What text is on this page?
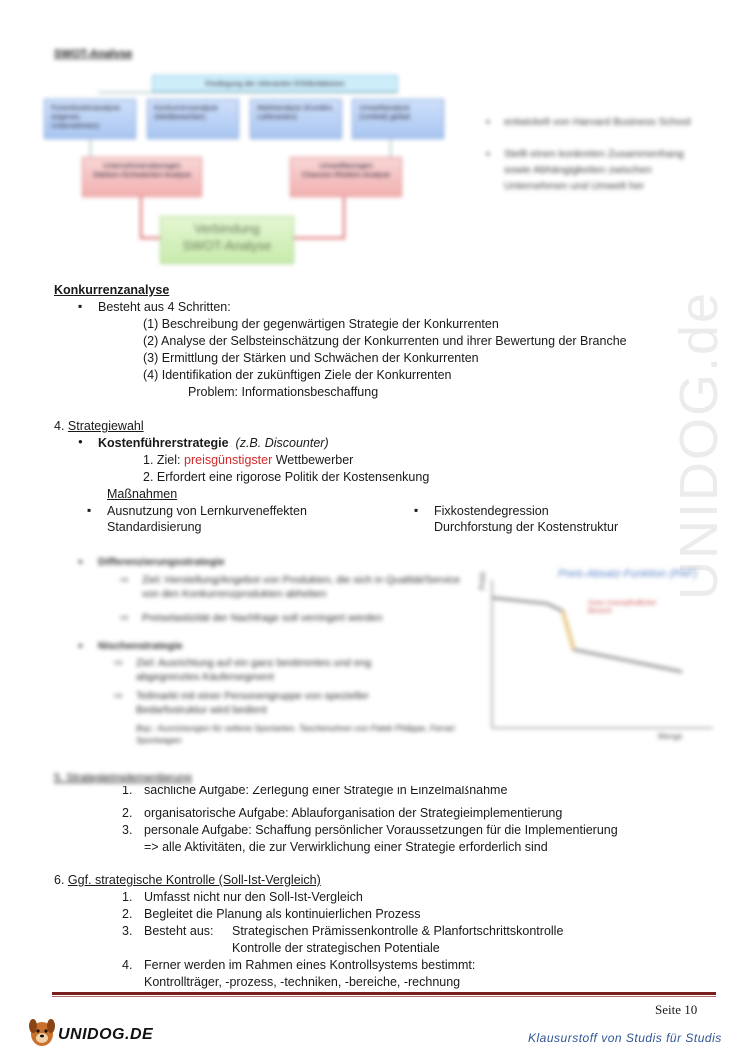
UNIDOG.de
SWOT-Analyse
Festlegung der relevanten Erfolksfaktoren
Fonenkostenanalyse (eigenes Unternehmen)
Konkurrenzanalyse (Wettbewerber)
Marktanalyse (Kunden, Lieferanten)
Umweltanalyse (Umfeld) global
Unternehmensbezogen Stärken-/Schwächen-Analyse
Umweltbezogen Chancen-/Risiken-Analyse
Verbindung
SWOT-Analyse
▪ entwickelt von Harvard Business School
▪ Stellt einen konkreten Zusammenhang sowie Abhängigkeiten zwischen Unternehmen und Umwelt her
Konkurrenzanalyse
Besteht aus 4 Schritten:
(1) Beschreibung der gegenwärtigen Strategie der Konkurrenten
(2) Analyse der Selbsteinschätzung der Konkurrenten und ihrer Bewertung der Branche
(3) Ermittlung der Stärken und Schwächen der Konkurrenten
(4) Identifikation der zukünftigen Ziele der Konkurrenten
Problem: Informationsbeschaffung
4. Strategiewahl
Kostenführerstrategie (z.B. Discounter)
1. Ziel: preisgünstigster Wettbewerber
2. Erfordert eine rigorose Politik der Kostensenkung
Maßnahmen
Ausnutzung von Lernkurveneffekten
Standardisierung
Fixkostendegression
Durchforstung der Kostenstruktur
Differenzierungsstrategie
⇨ Ziel: Herstellung/Angebot von Produkten, die sich in Qualität/Service von den Konkurrenzprodukten abheben
⇨ Preiselastizität der Nachfrage soll verringert werden
Nischenstrategie
⇨ Ziel: Ausrichtung auf ein ganz bestimmtes und eng abgegrenztes Käufersegment
⇨ Teilmarkt mit einer Personengruppe von spezieller Bedarfsstruktur wird bedient
Bsp.: Ausrüstungen für seltene Sportarten, Taschenuhren von Patek Philippe, Ferrari Sportwagen
Preis-Absatz-Funktion (PAF)
Preis
Menge
Zone Unempfindlicher Bereich
5. Strategieimplementierung
1. sachliche Aufgabe: Zerlegung einer Strategie in Einzelmaßnahme
2. organisatorische Aufgabe: Ablauforganisation der Strategieimplementierung
3. personale Aufgabe: Schaffung persönlicher Voraussetzungen für die Implementierung
=> alle Aktivitäten, die zur Verwirklichung einer Strategie erforderlich sind
6. Ggf. strategische Kontrolle (Soll-Ist-Vergleich)
1. Umfasst nicht nur den Soll-Ist-Vergleich
2. Begleitet die Planung als kontinuierlichen Prozess
3. Besteht aus: Strategischen Prämissenkontrolle & Planfortschrittskontrolle
Kontrolle der strategischen Potentiale
4. Ferner werden im Rahmen eines Kontrollsystems bestimmt:
Kontrollträger, -prozess, -techniken, -bereiche, -rechnung
Seite 10
UNIDOG.DE	Klausurstoff von Studis für Studis
